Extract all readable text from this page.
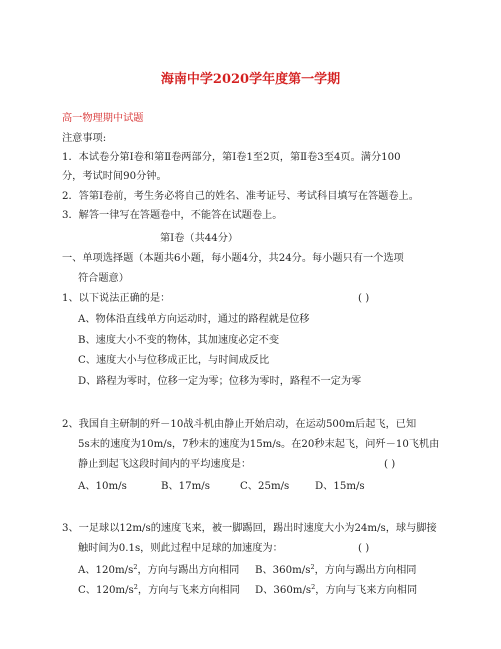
海南中学2020学年度第一学期
高一物理期中试题
注意事项:
1．本试卷分第Ⅰ卷和第Ⅱ卷两部分，第Ⅰ卷1至2页，第Ⅱ卷3至4页。满分100
分，考试时间90分钟。
2．答第Ⅰ卷前，考生务必将自己的姓名、准考证号、考试科目填写在答题卷上。
3．解答一律写在答题卷中，不能答在试题卷上。
第Ⅰ卷（共44分）
一、单项选择题（本题共6小题，每小题4分，共24分。每小题只有一个选项
符合题意）
1、以下说法正确的是：	( )
A、物体沿直线单方向运动时，通过的路程就是位移
B、速度大小不变的物体，其加速度必定不变
C、速度大小与位移成正比，与时间成反比
D、路程为零时，位移一定为零；位移为零时，路程不一定为零
2、我国自主研制的歼－10战斗机由静止开始启动，在运动500m后起飞，已知
5s末的速度为10m/s，7秒末的速度为15m/s。在20秒末起飞，问歼－10飞机由
静止到起飞这段时间内的平均速度是：	( )
A、10m/s	B、17m/s	C、25m/s	D、15m/s
3、一足球以12m/s的速度飞来，被一脚踢回，踢出时速度大小为24m/s，球与脚接
触时间为0.1s，则此过程中足球的加速度为：	( )
A、$120m/s^2$，方向与踢出方向相同 B、$360m/s^2$，方向与踢出方向相同
C、$120m/s^2$，方向与飞来方向相同 D、$360m/s^2$，方向与飞来方向相同
